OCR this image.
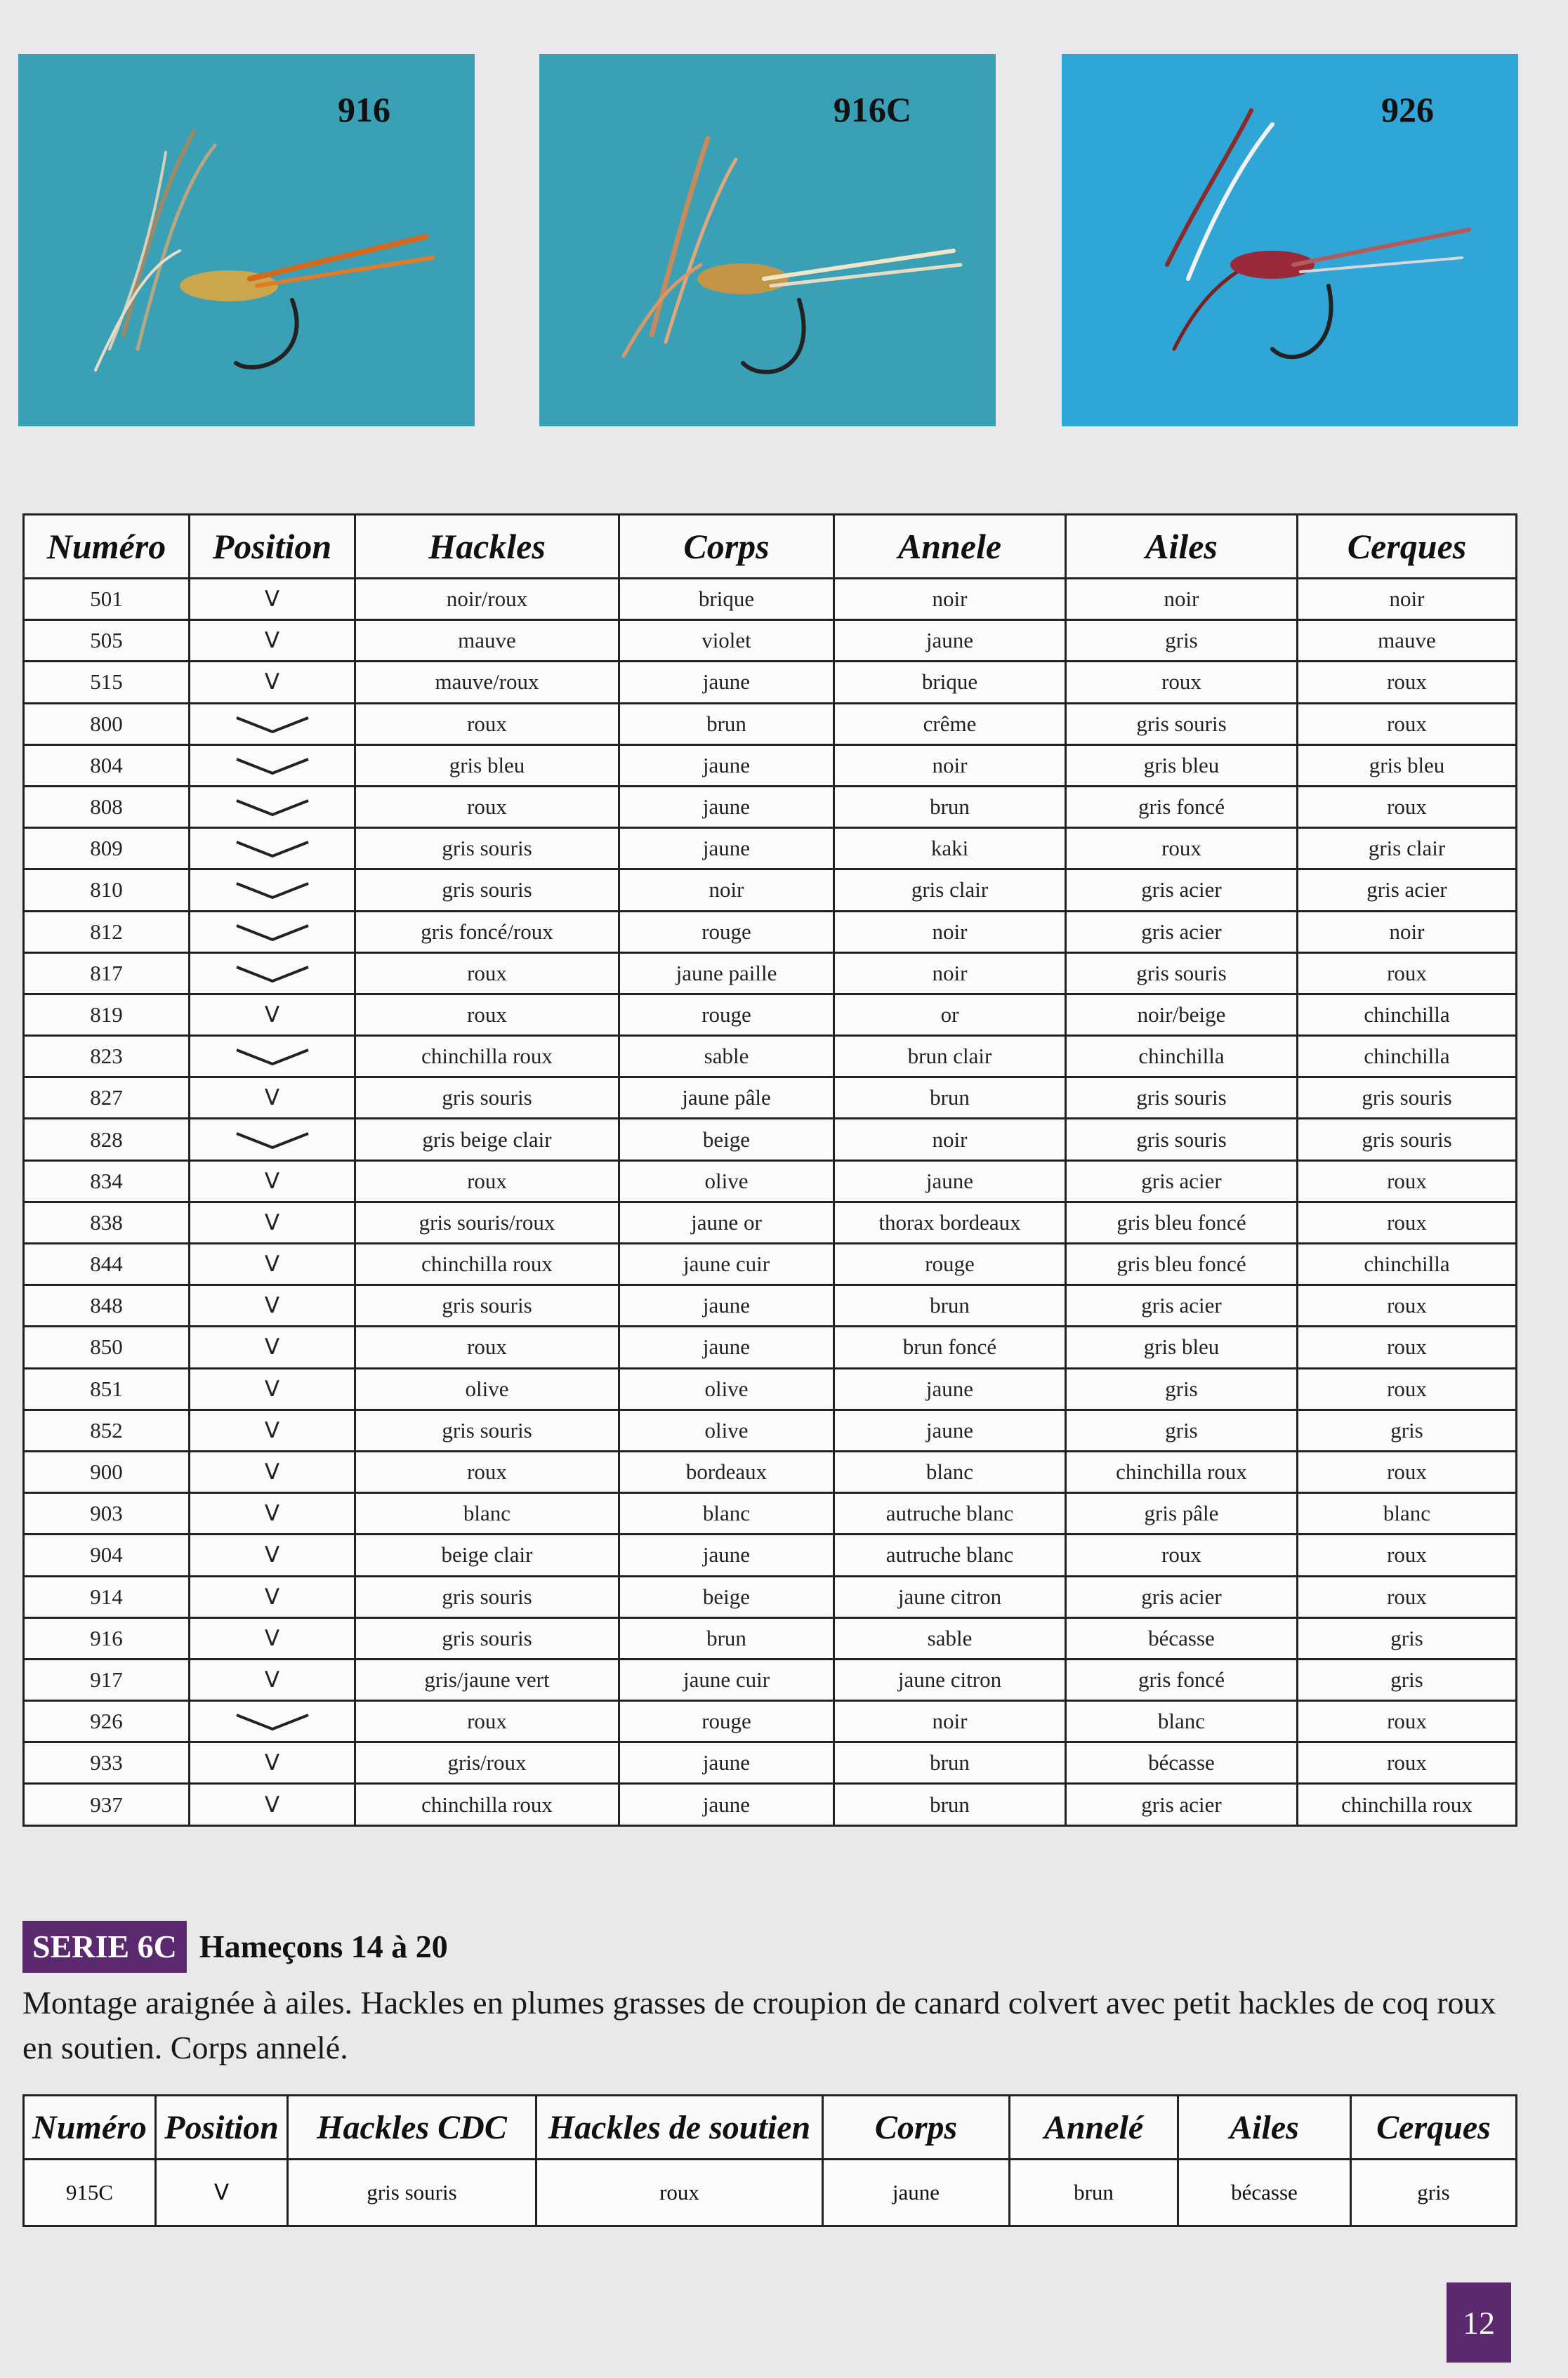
916	916C	926
Numéro	Position	Hackles	Corps	Annele	Ailes	Cerques
501	V	noir/roux	brique	noir	noir	noir
505	V	mauve	violet	jaune	gris	mauve
515	V	mauve/roux	jaune	brique	roux	roux
800		roux	brun	crême	gris souris	roux
804		gris bleu	jaune	noir	gris bleu	gris bleu
808		roux	jaune	brun	gris foncé	roux
809		gris souris	jaune	kaki	roux	gris clair
810		gris souris	noir	gris clair	gris acier	gris acier
812		gris foncé/roux	rouge	noir	gris acier	noir
817		roux	jaune paille	noir	gris souris	roux
819	V	roux	rouge	or	noir/beige	chinchilla
823		chinchilla roux	sable	brun clair	chinchilla	chinchilla
827	V	gris souris	jaune pâle	brun	gris souris	gris souris
828		gris beige clair	beige	noir	gris souris	gris souris
834	V	roux	olive	jaune	gris acier	roux
838	V	gris souris/roux	jaune or	thorax bordeaux	gris bleu foncé	roux
844	V	chinchilla roux	jaune cuir	rouge	gris bleu foncé	chinchilla
848	V	gris souris	jaune	brun	gris acier	roux
850	V	roux	jaune	brun foncé	gris bleu	roux
851	V	olive	olive	jaune	gris	roux
852	V	gris souris	olive	jaune	gris	gris
900	V	roux	bordeaux	blanc	chinchilla roux	roux
903	V	blanc	blanc	autruche blanc	gris pâle	blanc
904	V	beige clair	jaune	autruche blanc	roux	roux
914	V	gris souris	beige	jaune citron	gris acier	roux
916	V	gris souris	brun	sable	bécasse	gris
917	V	gris/jaune vert	jaune cuir	jaune citron	gris foncé	gris
926		roux	rouge	noir	blanc	roux
933	V	gris/roux	jaune	brun	bécasse	roux
937	V	chinchilla roux	jaune	brun	gris acier	chinchilla roux
SERIE 6C Hameçons 14 à 20
Montage araignée à ailes. Hackles en plumes grasses de croupion de canard colvert avec petit hackles de coq roux en soutien. Corps annelé.
Numéro	Position	Hackles CDC	Hackles de soutien	Corps	Annelé	Ailes	Cerques
915C	V	gris souris	roux	jaune	brun	bécasse	gris
12
